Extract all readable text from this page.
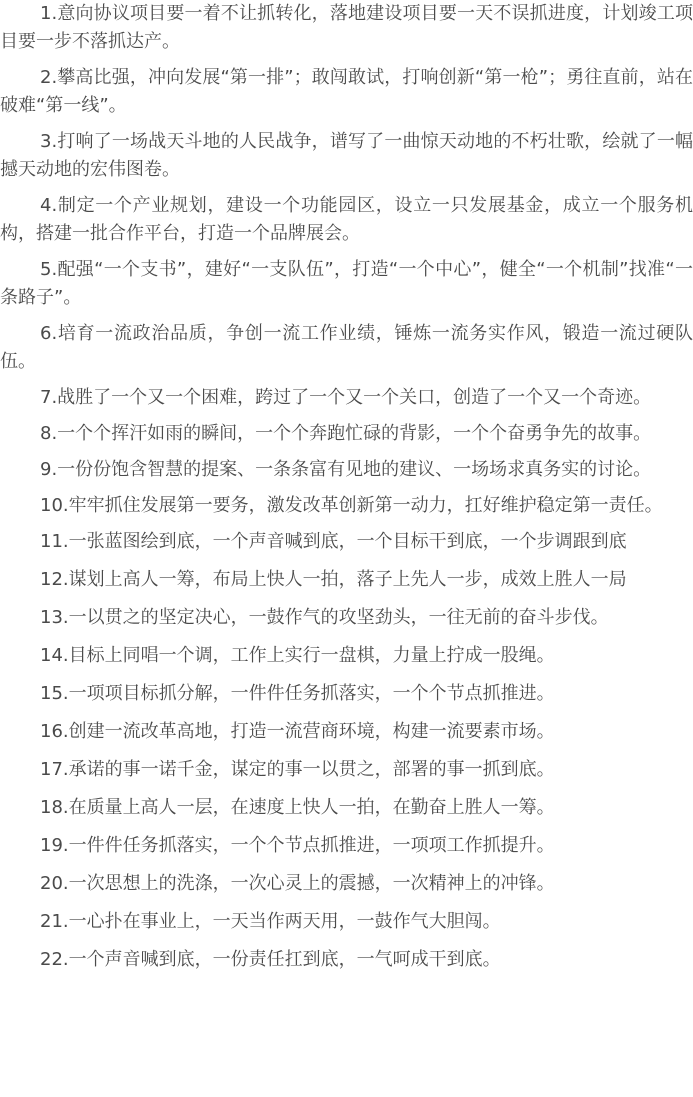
1.意向协议项目要一着不让抓转化，落地建设项目要一天不误抓进度，计划竣工项目要一步不落抓达产。

2.攀高比强，冲向发展“第一排”；敢闯敢试，打响创新“第一枪”；勇往直前，站在破难“第一线”。

3.打响了一场战天斗地的人民战争，谱写了一曲惊天动地的不朽壮歌，绘就了一幅撼天动地的宏伟图卷。

4.制定一个产业规划，建设一个功能园区，设立一只发展基金，成立一个服务机构，搭建一批合作平台，打造一个品牌展会。

5.配强“一个支书”，建好“一支队伍”，打造“一个中心”，健全“一个机制”找准“一条路子”。

6.培育一流政治品质，争创一流工作业绩，锤炼一流务实作风，锻造一流过硬队伍。

7.战胜了一个又一个困难，跨过了一个又一个关口，创造了一个又一个奇迹。

8.一个个挥汗如雨的瞬间，一个个奔跑忙碌的背影，一个个奋勇争先的故事。

9.一份份饱含智慧的提案、一条条富有见地的建议、一场场求真务实的讨论。

10.牢牢抓住发展第一要务，激发改革创新第一动力，扛好维护稳定第一责任。

11.一张蓝图绘到底，一个声音喊到底，一个目标干到底，一个步调跟到底

12.谋划上高人一筹，布局上快人一拍，落子上先人一步，成效上胜人一局

13.一以贯之的坚定决心，一鼓作气的攻坚劲头，一往无前的奋斗步伐。

14.目标上同唱一个调，工作上实行一盘棋，力量上拧成一股绳。

15.一项项目标抓分解，一件件任务抓落实，一个个节点抓推进。

16.创建一流改革高地，打造一流营商环境，构建一流要素市场。

17.承诺的事一诺千金，谋定的事一以贯之，部署的事一抓到底。

18.在质量上高人一层，在速度上快人一拍，在勤奋上胜人一筹。

19.一件件任务抓落实，一个个节点抓推进，一项项工作抓提升。

20.一次思想上的洗涤，一次心灵上的震撼，一次精神上的冲锋。

21.一心扑在事业上，一天当作两天用，一鼓作气大胆闯。

22.一个声音喊到底，一份责任扛到底，一气呵成干到底。
